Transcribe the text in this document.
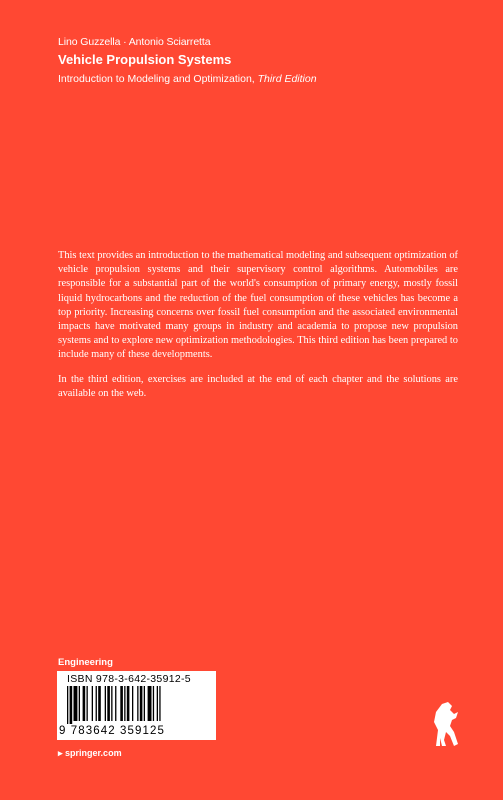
Lino Guzzella · Antonio Sciarretta
Vehicle Propulsion Systems
Introduction to Modeling and Optimization, Third Edition

This text provides an introduction to the mathematical modeling and subsequent optimization of vehicle propulsion systems and their supervisory control algorithms. Automobiles are responsible for a substantial part of the world's consumption of primary energy, mostly fossil liquid hydrocarbons and the reduction of the fuel consumption of these vehicles has become a top priority. Increasing concerns over fossil fuel consumption and the associated environmental impacts have motivated many groups in industry and academia to propose new propulsion systems and to explore new optimization methodologies. This third edition has been prepared to include many of these developments.

In the third edition, exercises are included at the end of each chapter and the solutions are available on the web.

Engineering
ISBN 978-3-642-35912-5
9 783642 359125
▸ springer.com
